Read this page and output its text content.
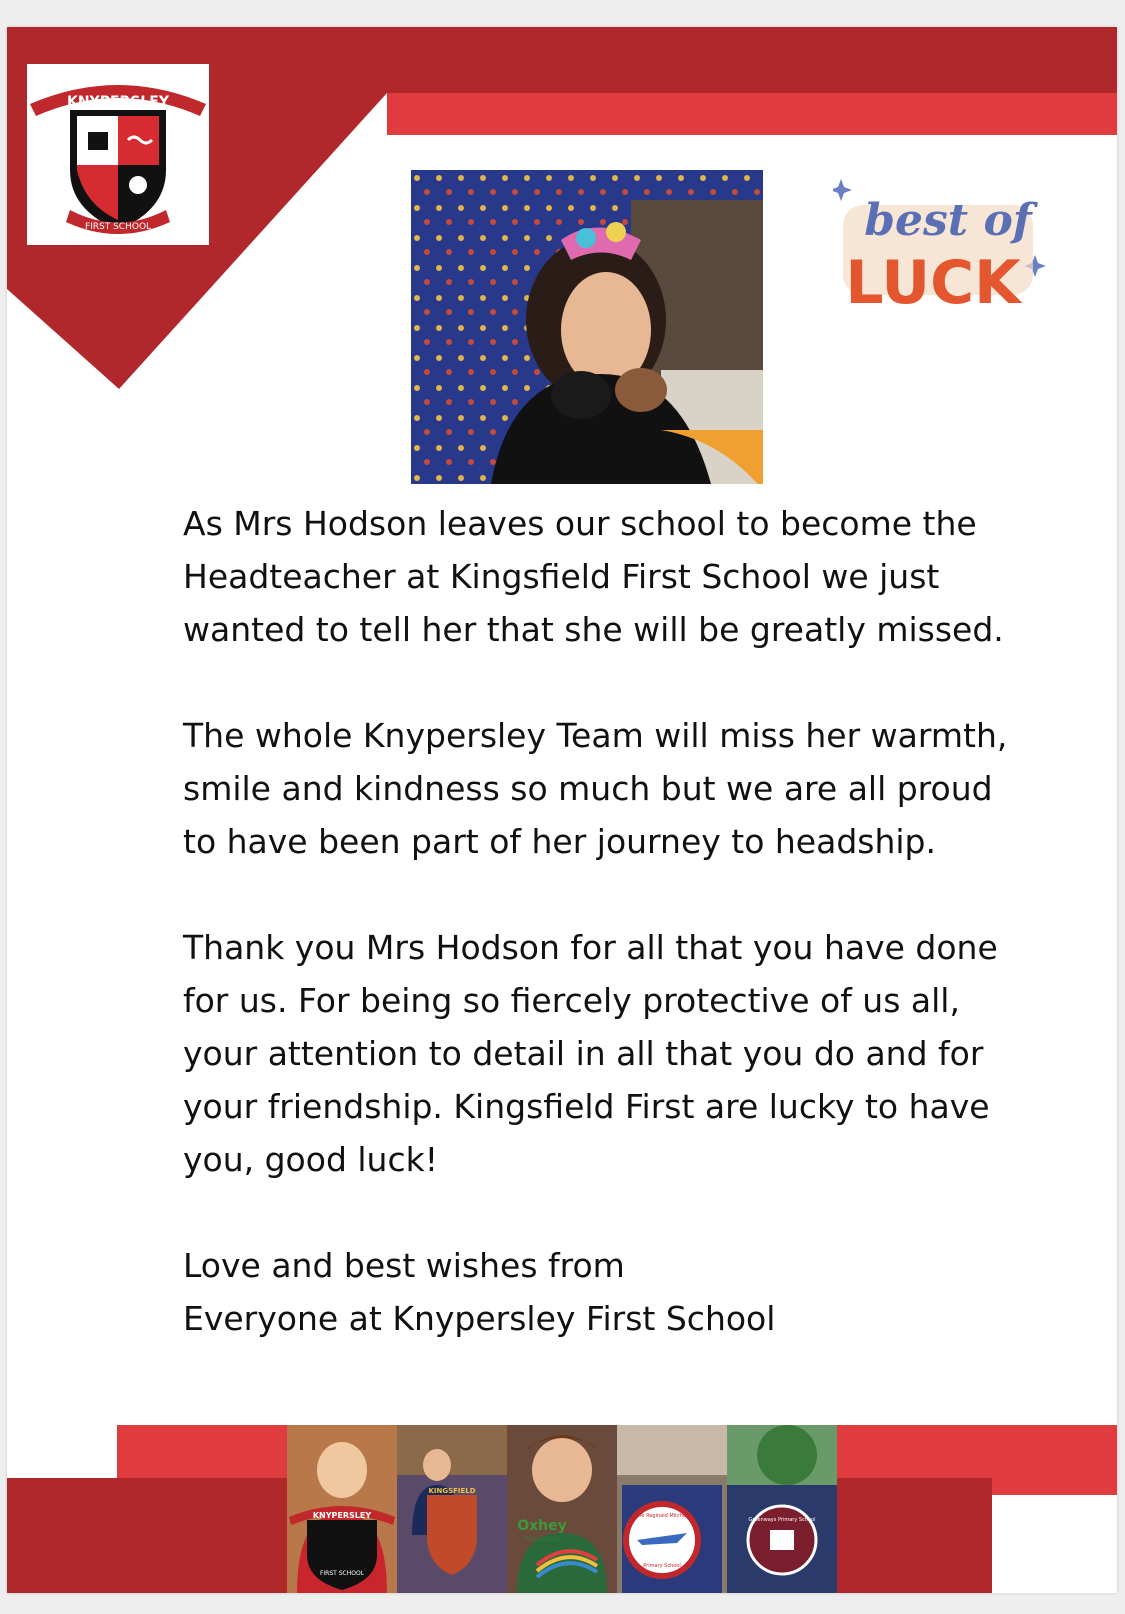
KNYPERSLEY
FIRST SCHOOL	best of
LUCK

As Mrs Hodson leaves our school to become the
Headteacher at Kingsfield First School we just
wanted to tell her that she will be greatly missed.

The whole Knypersley Team will miss her warmth,
smile and kindness so much but we are all proud
to have been part of her journey to headship.

Thank you Mrs Hodson for all that you have done
for us. For being so fiercely protective of us all,
your attention to detail in all that you do and for
your friendship. Kingsfield First are lucky to have
you, good luck!

Love and best wishes from
Everyone at Knypersley First School

KNYPERSLEY
FIRST SCHOOL
KINGSFIELD
Oxhey
First School
The Reginald Mitchell
Primary School
Greenways Primary School
